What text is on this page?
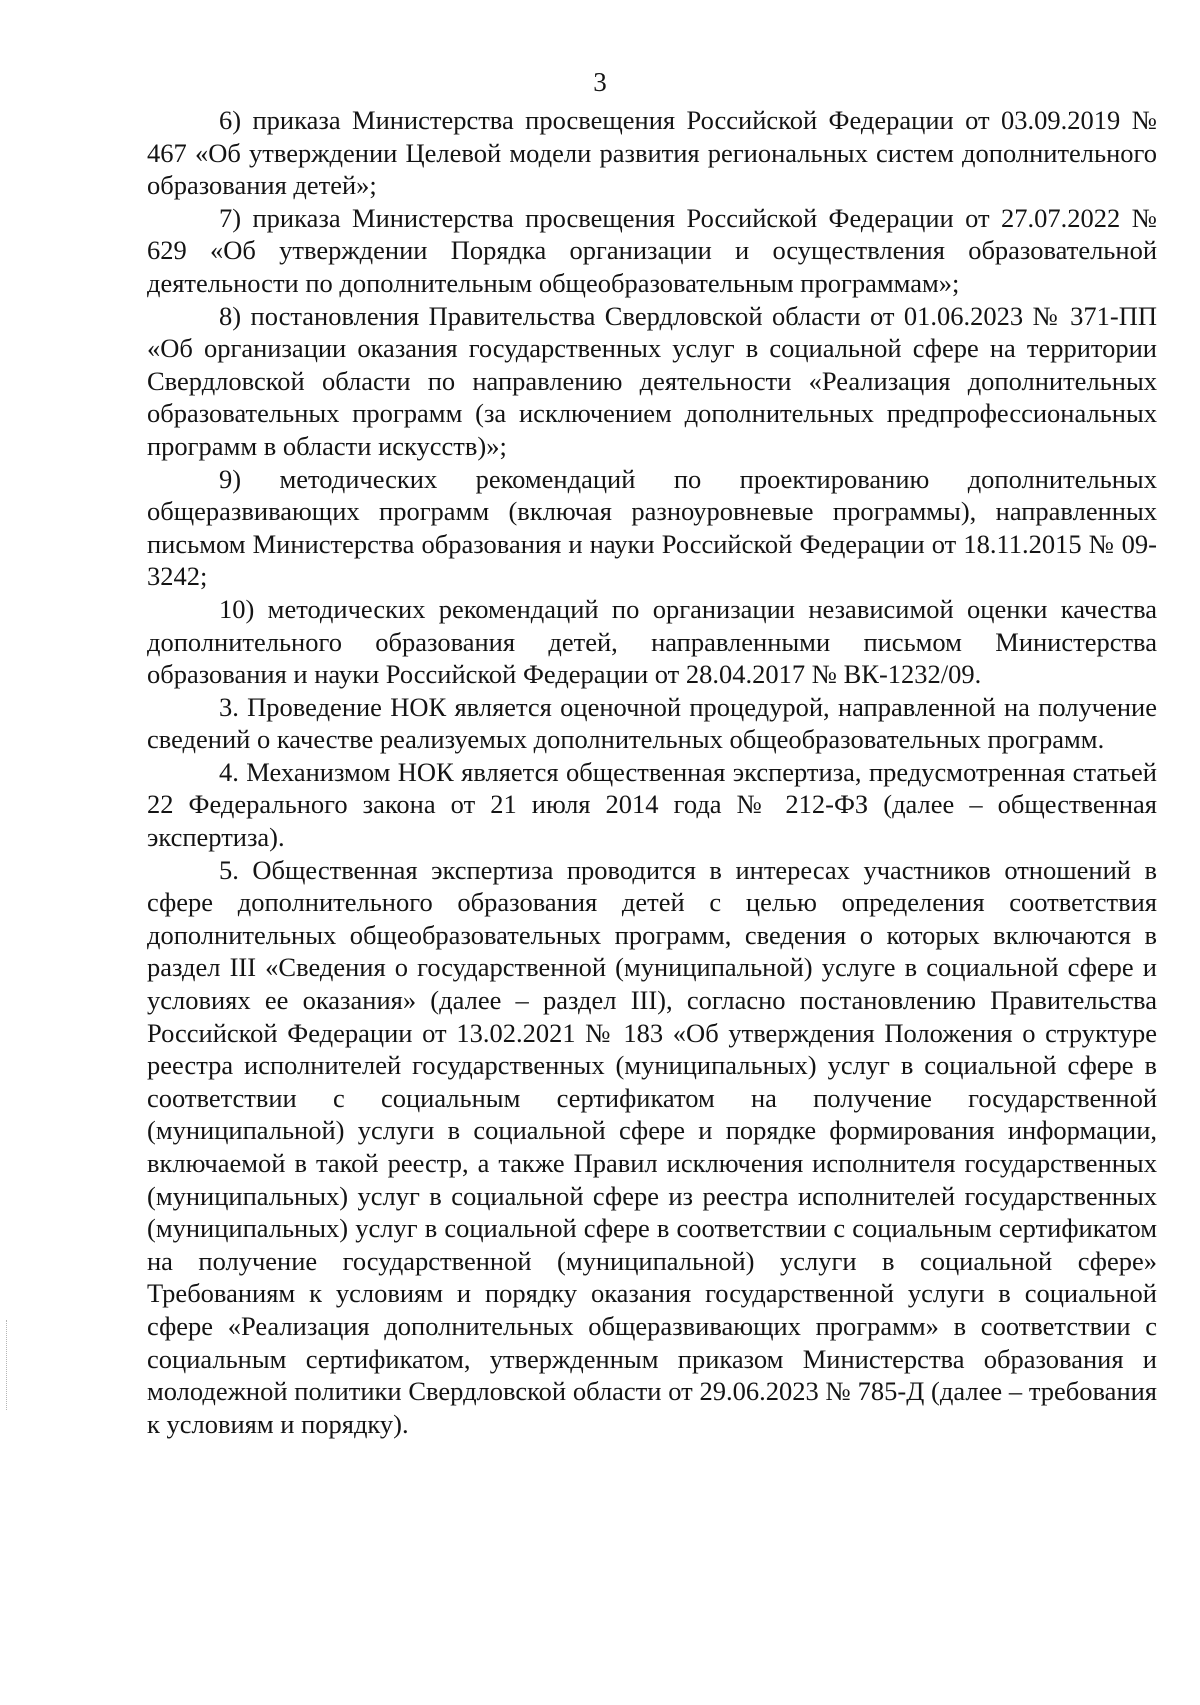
3

6) приказа Министерства просвещения Российской Федерации от 03.09.2019 № 467 «Об утверждении Целевой модели развития региональных систем дополнительного образования детей»;

7) приказа Министерства просвещения Российской Федерации от 27.07.2022 № 629 «Об утверждении Порядка организации и осуществления образовательной деятельности по дополнительным общеобразовательным программам»;

8) постановления Правительства Свердловской области от 01.06.2023 № 371-ПП «Об организации оказания государственных услуг в социальной сфере на территории Свердловской области по направлению деятельности «Реализация дополнительных образовательных программ (за исключением дополнительных предпрофессиональных программ в области искусств)»;

9) методических рекомендаций по проектированию дополнительных общеразвивающих программ (включая разноуровневые программы), направленных письмом Министерства образования и науки Российской Федерации от 18.11.2015 № 09-3242;

10) методических рекомендаций по организации независимой оценки качества дополнительного образования детей, направленными письмом Министерства образования и науки Российской Федерации от 28.04.2017 № ВК-1232/09.

3. Проведение НОК является оценочной процедурой, направленной на получение сведений о качестве реализуемых дополнительных общеобразовательных программ.

4. Механизмом НОК является общественная экспертиза, предусмотренная статьей 22 Федерального закона от 21 июля 2014 года № 212-ФЗ (далее – общественная экспертиза).

5. Общественная экспертиза проводится в интересах участников отношений в сфере дополнительного образования детей с целью определения соответствия дополнительных общеобразовательных программ, сведения о которых включаются в раздел III «Сведения о государственной (муниципальной) услуге в социальной сфере и условиях ее оказания» (далее – раздел III), согласно постановлению Правительства Российской Федерации от 13.02.2021 № 183 «Об утверждения Положения о структуре реестра исполнителей государственных (муниципальных) услуг в социальной сфере в соответствии с социальным сертификатом на получение государственной (муниципальной) услуги в социальной сфере и порядке формирования информации, включаемой в такой реестр, а также Правил исключения исполнителя государственных (муниципальных) услуг в социальной сфере из реестра исполнителей государственных (муниципальных) услуг в социальной сфере в соответствии с социальным сертификатом на получение государственной (муниципальной) услуги в социальной сфере» Требованиям к условиям и порядку оказания государственной услуги в социальной сфере «Реализация дополнительных общеразвивающих программ» в соответствии с социальным сертификатом, утвержденным приказом Министерства образования и молодежной политики Свердловской области от 29.06.2023 № 785-Д (далее – требования к условиям и порядку).
